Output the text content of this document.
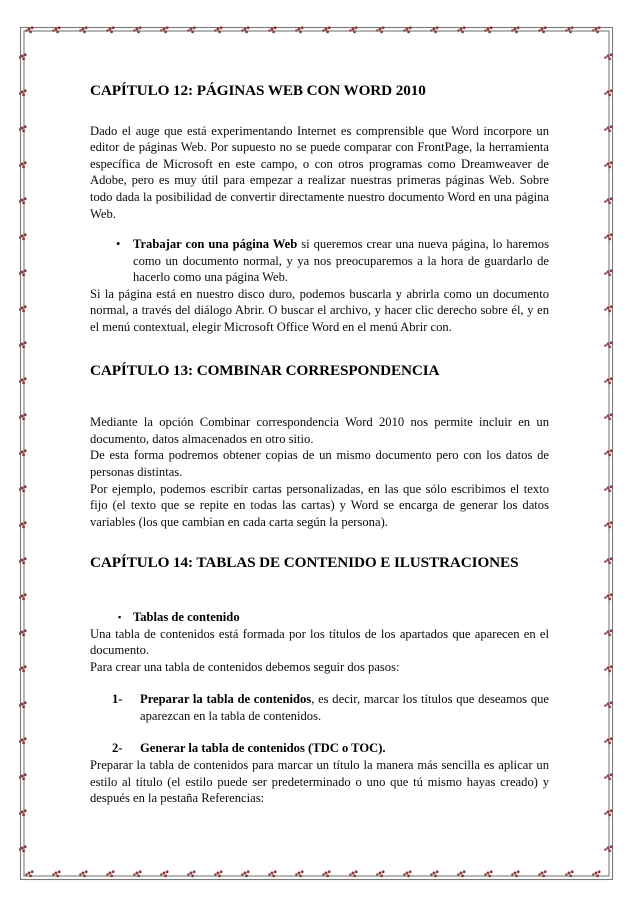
CAPÍTULO 12: PÁGINAS WEB CON WORD 2010

Dado el auge que está experimentando Internet es comprensible que Word incorpore un editor de páginas Web. Por supuesto no se puede comparar con FrontPage, la herramienta específica de Microsoft en este campo, o con otros programas como Dreamweaver de Adobe, pero es muy útil para empezar a realizar nuestras primeras páginas Web. Sobre todo dada la posibilidad de convertir directamente nuestro documento Word en una página Web.

• Trabajar con una página Web si queremos crear una nueva página, lo haremos como un documento normal, y ya nos preocuparemos a la hora de guardarlo de hacerlo como una página Web.

Si la página está en nuestro disco duro, podemos buscarla y abrirla como un documento normal, a través del diálogo Abrir. O buscar el archivo, y hacer clic derecho sobre él, y en el menú contextual, elegir Microsoft Office Word en el menú Abrir con.

CAPÍTULO 13: COMBINAR CORRESPONDENCIA

Mediante la opción Combinar correspondencia Word 2010 nos permite incluir en un documento, datos almacenados en otro sitio.

De esta forma podremos obtener copias de un mismo documento pero con los datos de personas distintas.

Por ejemplo, podemos escribir cartas personalizadas, en las que sólo escribimos el texto fijo (el texto que se repite en todas las cartas) y Word se encarga de generar los datos variables (los que cambian en cada carta según la persona).

CAPÍTULO 14: TABLAS DE CONTENIDO E ILUSTRACIONES
▪ Tablas de contenido

Una tabla de contenidos está formada por los títulos de los apartados que aparecen en el documento.

Para crear una tabla de contenidos debemos seguir dos pasos:

1- Preparar la tabla de contenidos, es decir, marcar los títulos que deseamos que aparezcan en la tabla de contenidos.
2- Generar la tabla de contenidos (TDC o TOC).

Preparar la tabla de contenidos para marcar un título la manera más sencilla es aplicar un estilo al título (el estilo puede ser predeterminado o uno que tú mismo hayas creado) y después en la pestaña Referencias:
